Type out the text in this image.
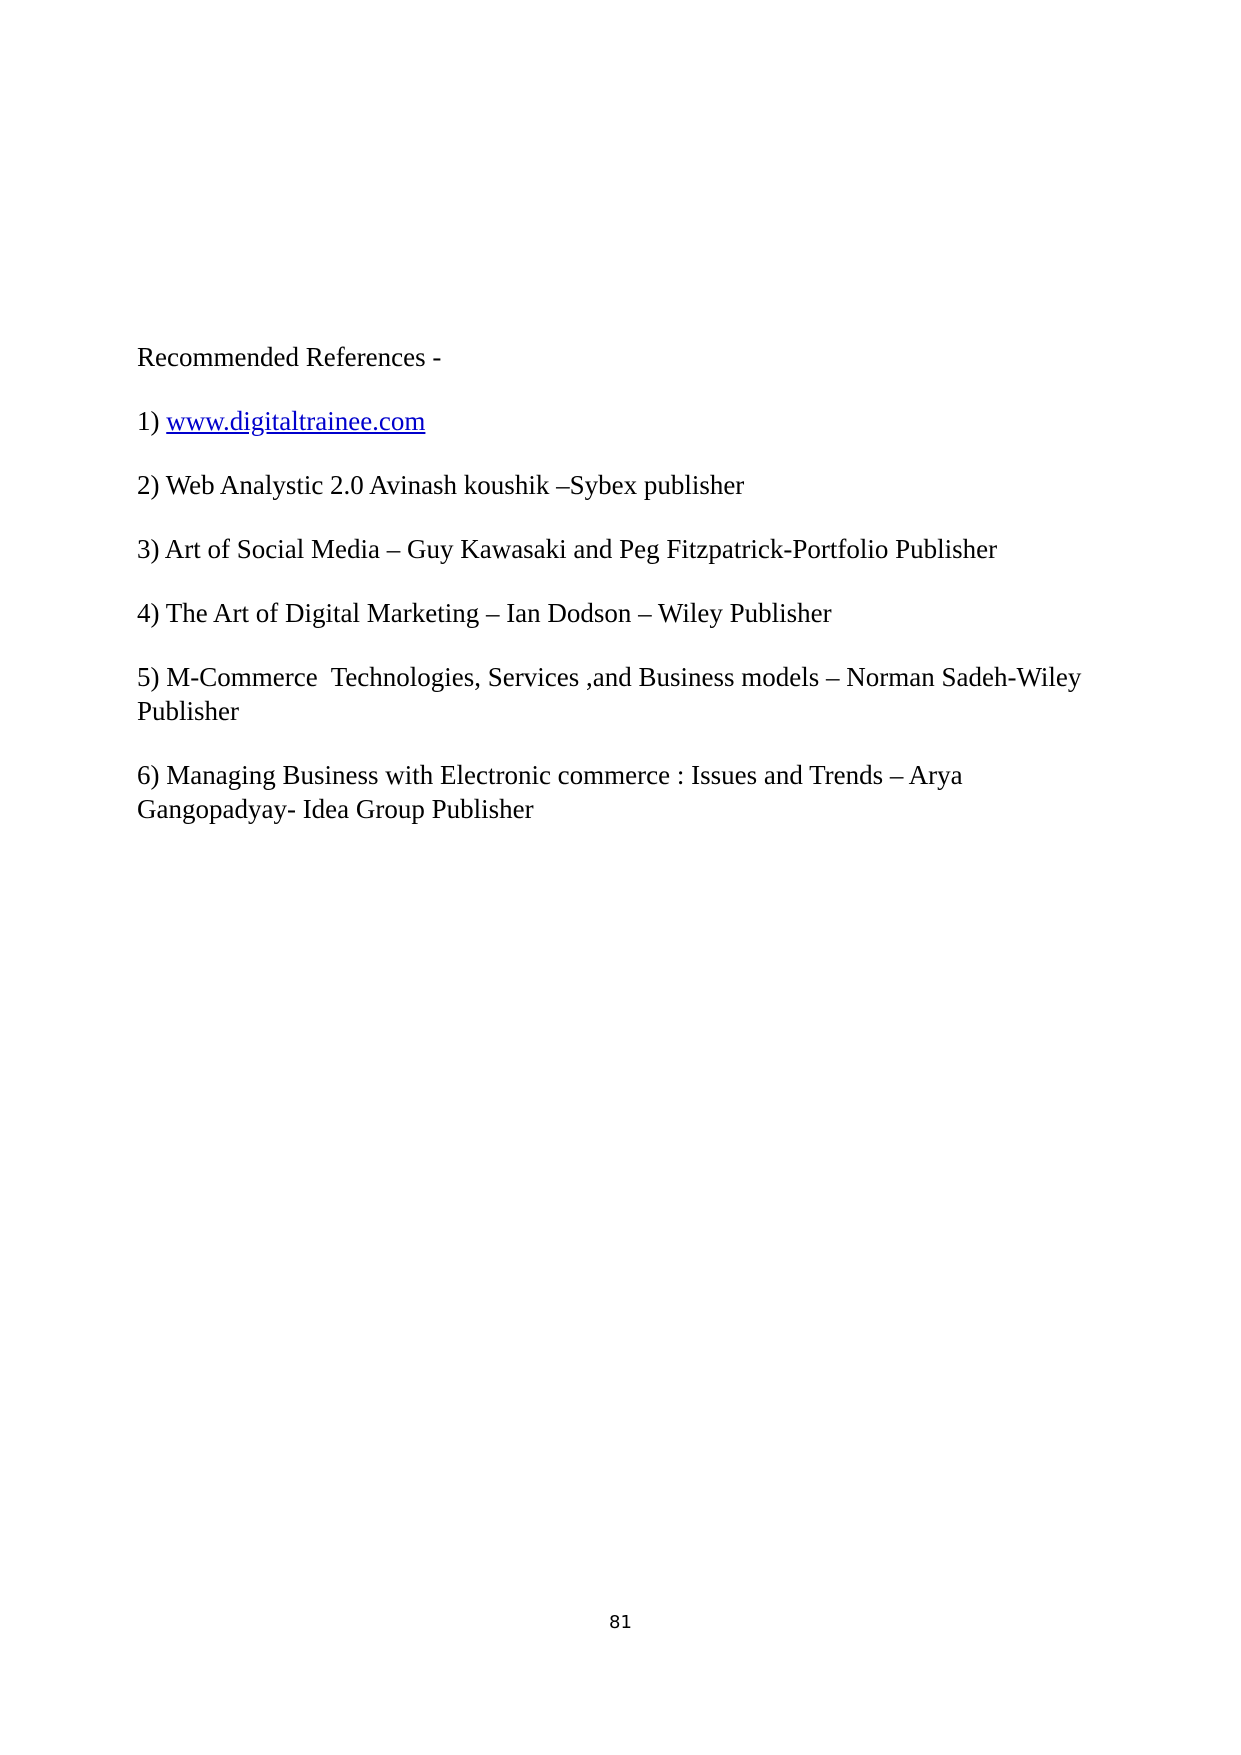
Recommended References -

1) www.digitaltrainee.com

2) Web Analystic 2.0 Avinash koushik –Sybex publisher

3) Art of Social Media – Guy Kawasaki and Peg Fitzpatrick-Portfolio Publisher

4) The Art of Digital Marketing – Ian Dodson – Wiley Publisher

5) M-Commerce  Technologies, Services ,and Business models – Norman Sadeh-Wiley Publisher

6) Managing Business with Electronic commerce : Issues and Trends – Arya Gangopadyay- Idea Group Publisher

81
